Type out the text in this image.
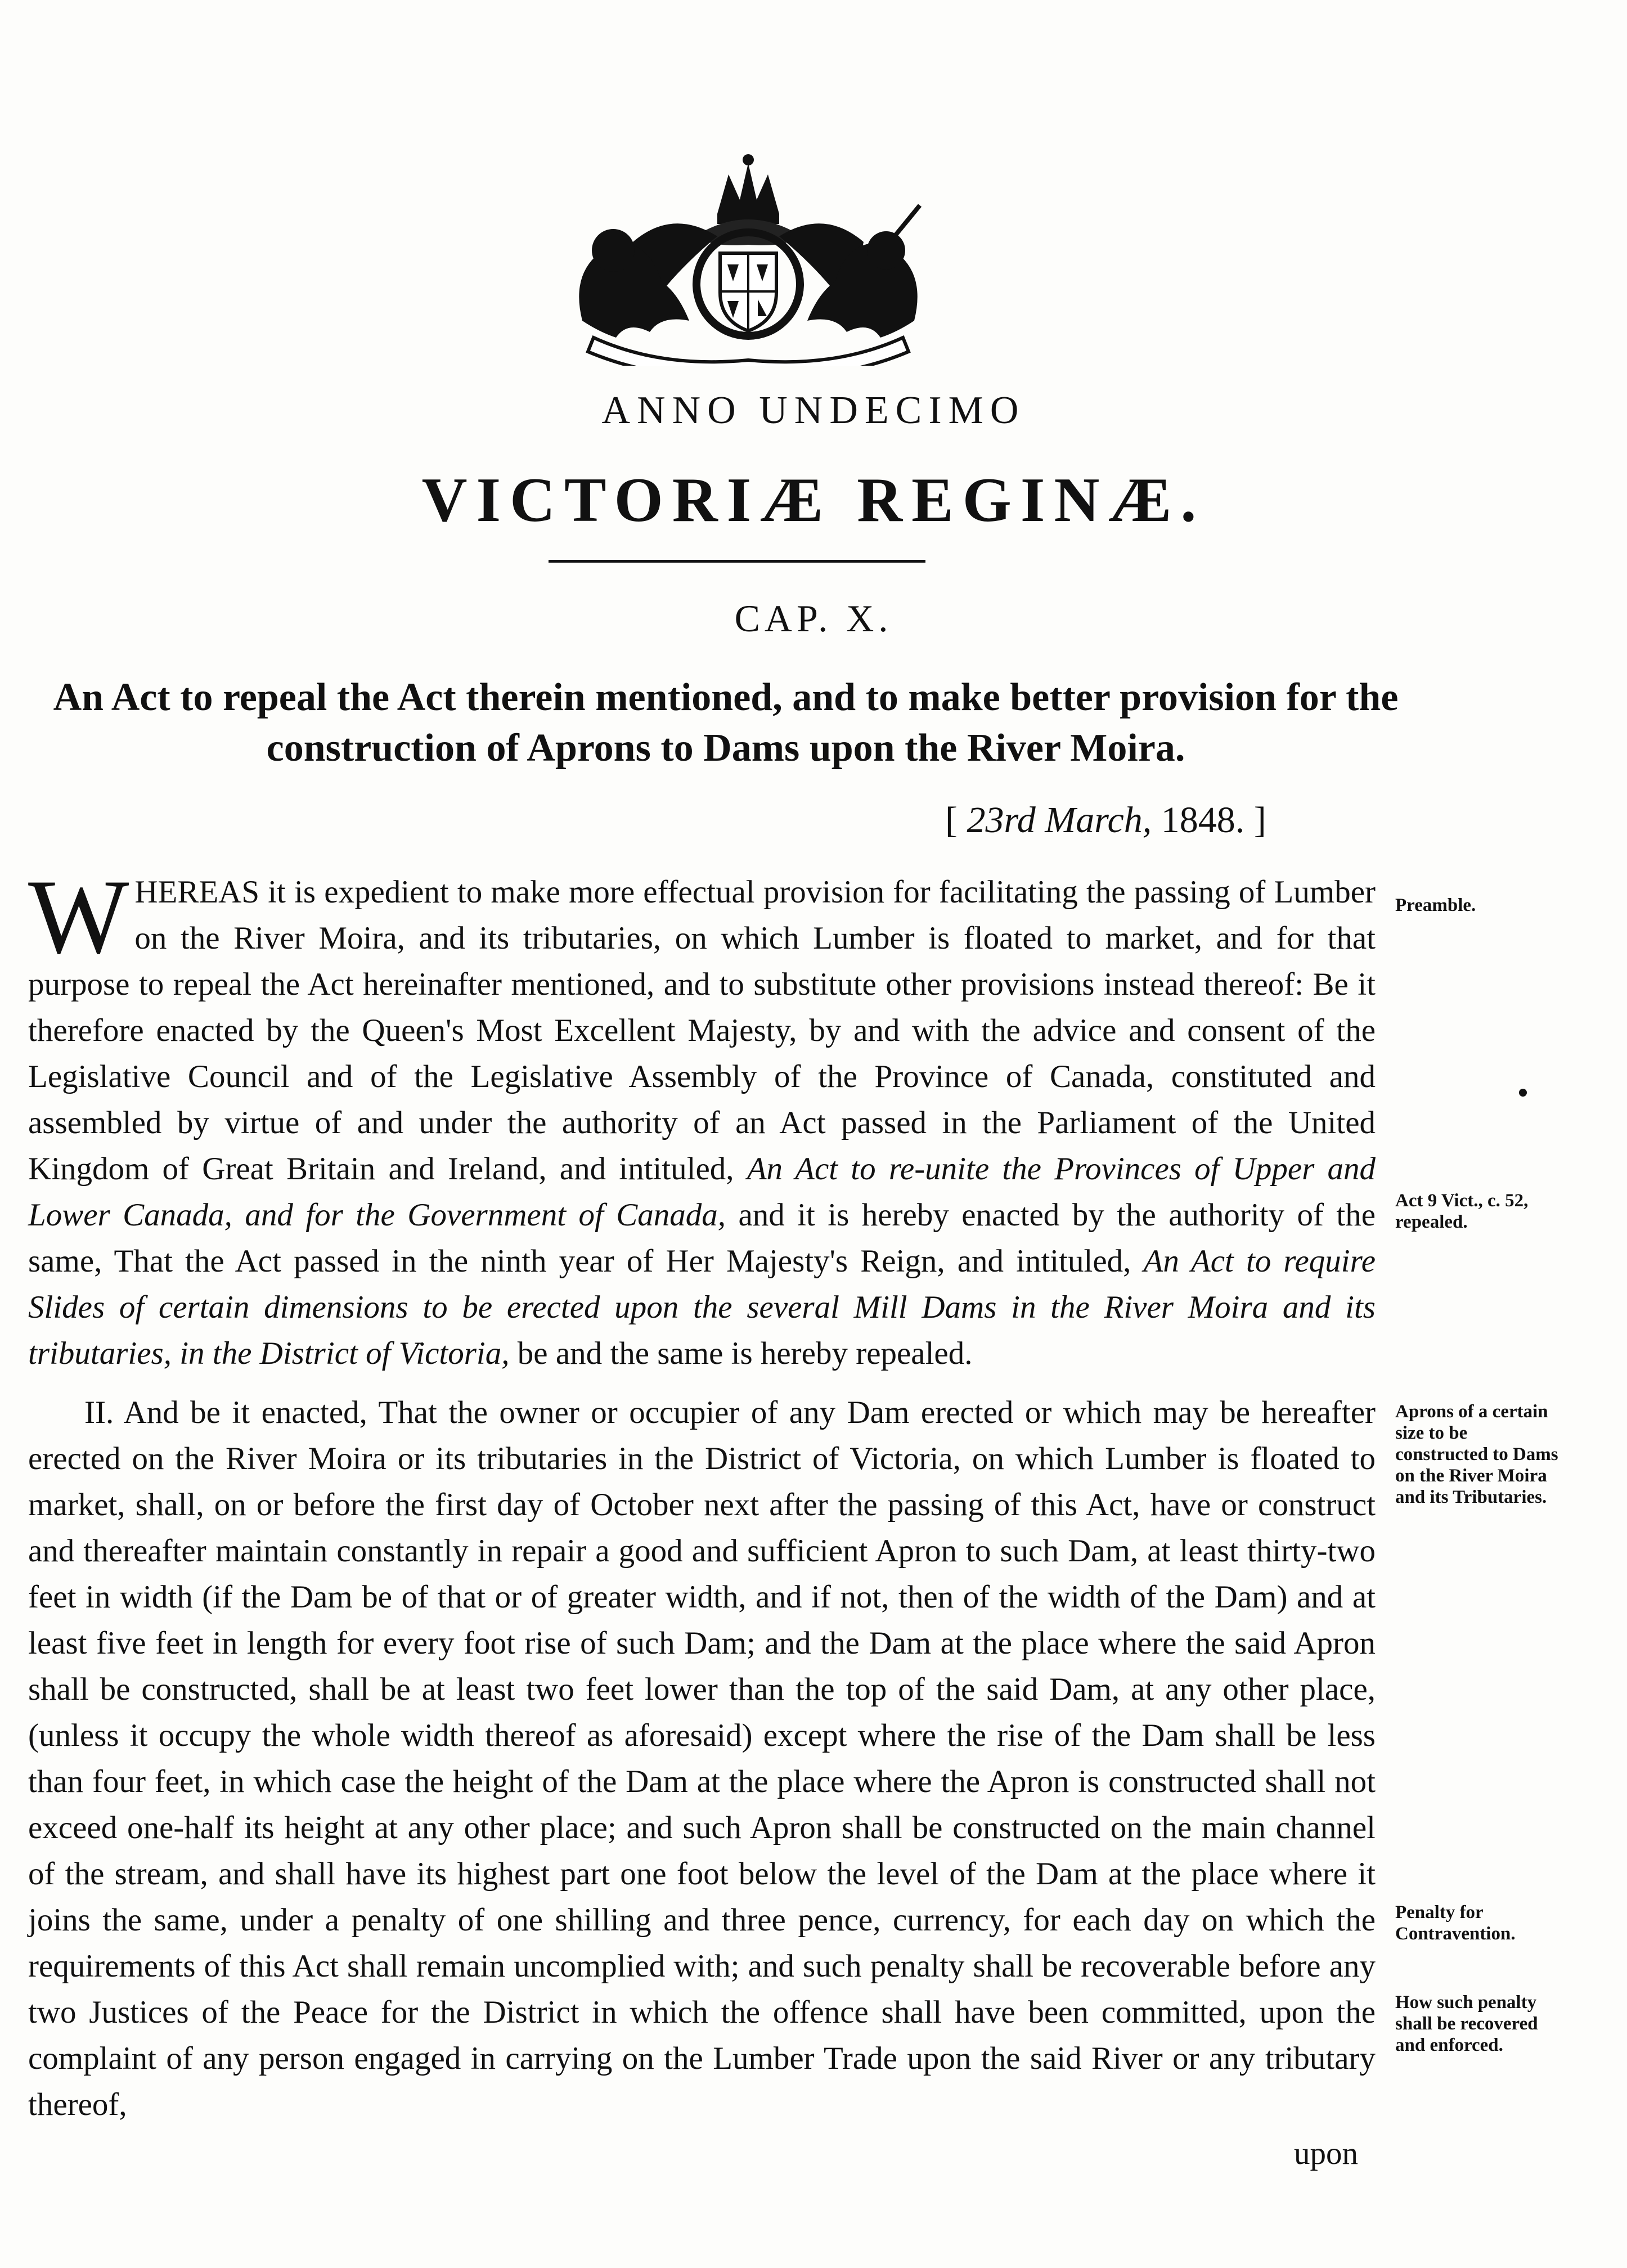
ANNO UNDECIMO
VICTORIÆ REGINÆ.
CAP. X.
An Act to repeal the Act therein mentioned, and to make better provision for the construction of Aprons to Dams upon the River Moira.
[ 23rd March, 1848. ]
WHEREAS it is expedient to make more effectual provision for facilitating the passing of Lumber on the River Moira, and its tributaries, on which Lumber is floated to market, and for that purpose to repeal the Act hereinafter mentioned, and to substitute other provisions instead thereof: Be it therefore enacted by the Queen's Most Excellent Majesty, by and with the advice and consent of the Legislative Council and of the Legislative Assembly of the Province of Canada, constituted and assembled by virtue of and under the authority of an Act passed in the Parliament of the United Kingdom of Great Britain and Ireland, and intituled, An Act to re-unite the Provinces of Upper and Lower Canada, and for the Government of Canada, and it is hereby enacted by the authority of the same, That the Act passed in the ninth year of Her Majesty's Reign, and intituled, An Act to require Slides of certain dimensions to be erected upon the several Mill Dams in the River Moira and its tributaries, in the District of Victoria, be and the same is hereby repealed.
II. And be it enacted, That the owner or occupier of any Dam erected or which may be hereafter erected on the River Moira or its tributaries in the District of Victoria, on which Lumber is floated to market, shall, on or before the first day of October next after the passing of this Act, have or construct and thereafter maintain constantly in repair a good and sufficient Apron to such Dam, at least thirty-two feet in width (if the Dam be of that or of greater width, and if not, then of the width of the Dam) and at least five feet in length for every foot rise of such Dam; and the Dam at the place where the said Apron shall be constructed, shall be at least two feet lower than the top of the said Dam, at any other place, (unless it occupy the whole width thereof as aforesaid) except where the rise of the Dam shall be less than four feet, in which case the height of the Dam at the place where the Apron is constructed shall not exceed one-half its height at any other place; and such Apron shall be constructed on the main channel of the stream, and shall have its highest part one foot below the level of the Dam at the place where it joins the same, under a penalty of one shilling and three pence, currency, for each day on which the requirements of this Act shall remain uncomplied with; and such penalty shall be recoverable before any two Justices of the Peace for the District in which the offence shall have been committed, upon the complaint of any person engaged in carrying on the Lumber Trade upon the said River or any tributary thereof,
upon
Preamble.
Act 9 Vict., c. 52, repealed.
Aprons of a certain size to be constructed to Dams on the River Moira and its Tributaries.
Penalty for Contravention.
How such penalty shall be recovered and enforced.
